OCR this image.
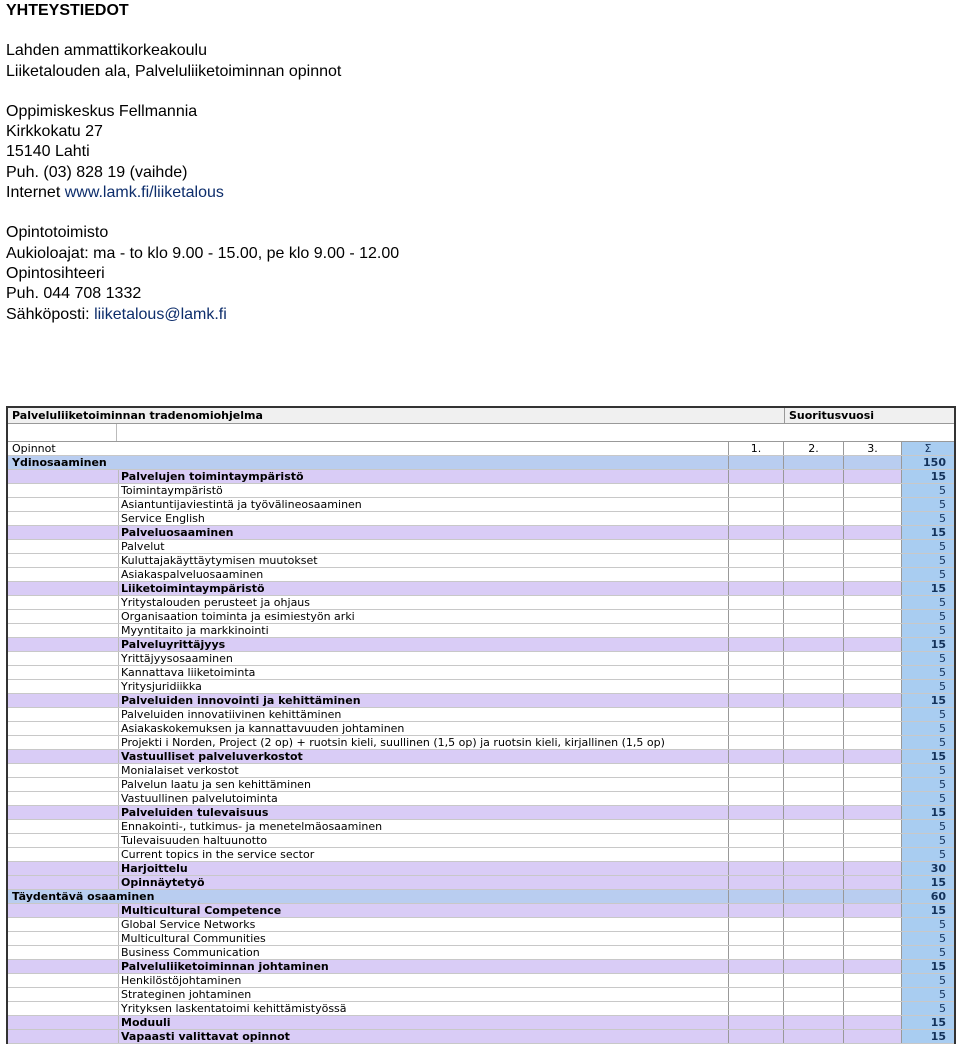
YHTEYSTIEDOT
Lahden ammattikorkeakoulu
Liiketalouden ala, Palveluliiketoiminnan opinnot
Oppimiskeskus Fellmannia
Kirkkokatu 27
15140 Lahti
Puh. (03) 828 19 (vaihde)
Internet www.lamk.fi/liiketalous
Opintotoimisto
Aukioloajat: ma - to klo 9.00 - 15.00, pe klo 9.00 - 12.00
Opintosihteeri
Puh. 044 708 1332
Sähköposti: liiketalous@lamk.fi
Palveluliiketoiminnan tradenomiohjelma	Suoritusvuosi
Opinnot	1.	2.	3.	Σ
Ydinosaaminen	150
Palvelujen toimintaympäristö	15
Toimintaympäristö	5
Asiantuntijaviestintä ja työvälineosaaminen	5
Service English	5
Palveluosaaminen	15
Palvelut	5
Kuluttajakäyttäytymisen muutokset	5
Asiakaspalveluosaaminen	5
Liiketoimintaympäristö	15
Yritystalouden perusteet ja ohjaus	5
Organisaation toiminta ja esimiestyön arki	5
Myyntitaito ja markkinointi	5
Palveluyrittäjyys	15
Yrittäjyysosaaminen	5
Kannattava liiketoiminta	5
Yritysjuridiikka	5
Palveluiden innovointi ja kehittäminen	15
Palveluiden innovatiivinen kehittäminen	5
Asiakaskokemuksen ja kannattavuuden johtaminen	5
Projekti i Norden, Project (2 op) + ruotsin kieli, suullinen (1,5 op) ja ruotsin kieli, kirjallinen (1,5 op)	5
Vastuulliset palveluverkostot	15
Monialaiset verkostot	5
Palvelun laatu ja sen kehittäminen	5
Vastuullinen palvelutoiminta	5
Palveluiden tulevaisuus	15
Ennakointi-, tutkimus- ja menetelmäosaaminen	5
Tulevaisuuden haltuunotto	5
Current topics in the service sector	5
Harjoittelu	30
Opinnäytetyö	15
Täydentävä osaaminen	60
Multicultural Competence	15
Global Service Networks	5
Multicultural Communities	5
Business Communication	5
Palveluliiketoiminnan johtaminen	15
Henkilöstöjohtaminen	5
Strateginen johtaminen	5
Yrityksen laskentatoimi kehittämistyössä	5
Moduuli	15
Vapaasti valittavat opinnot	15
